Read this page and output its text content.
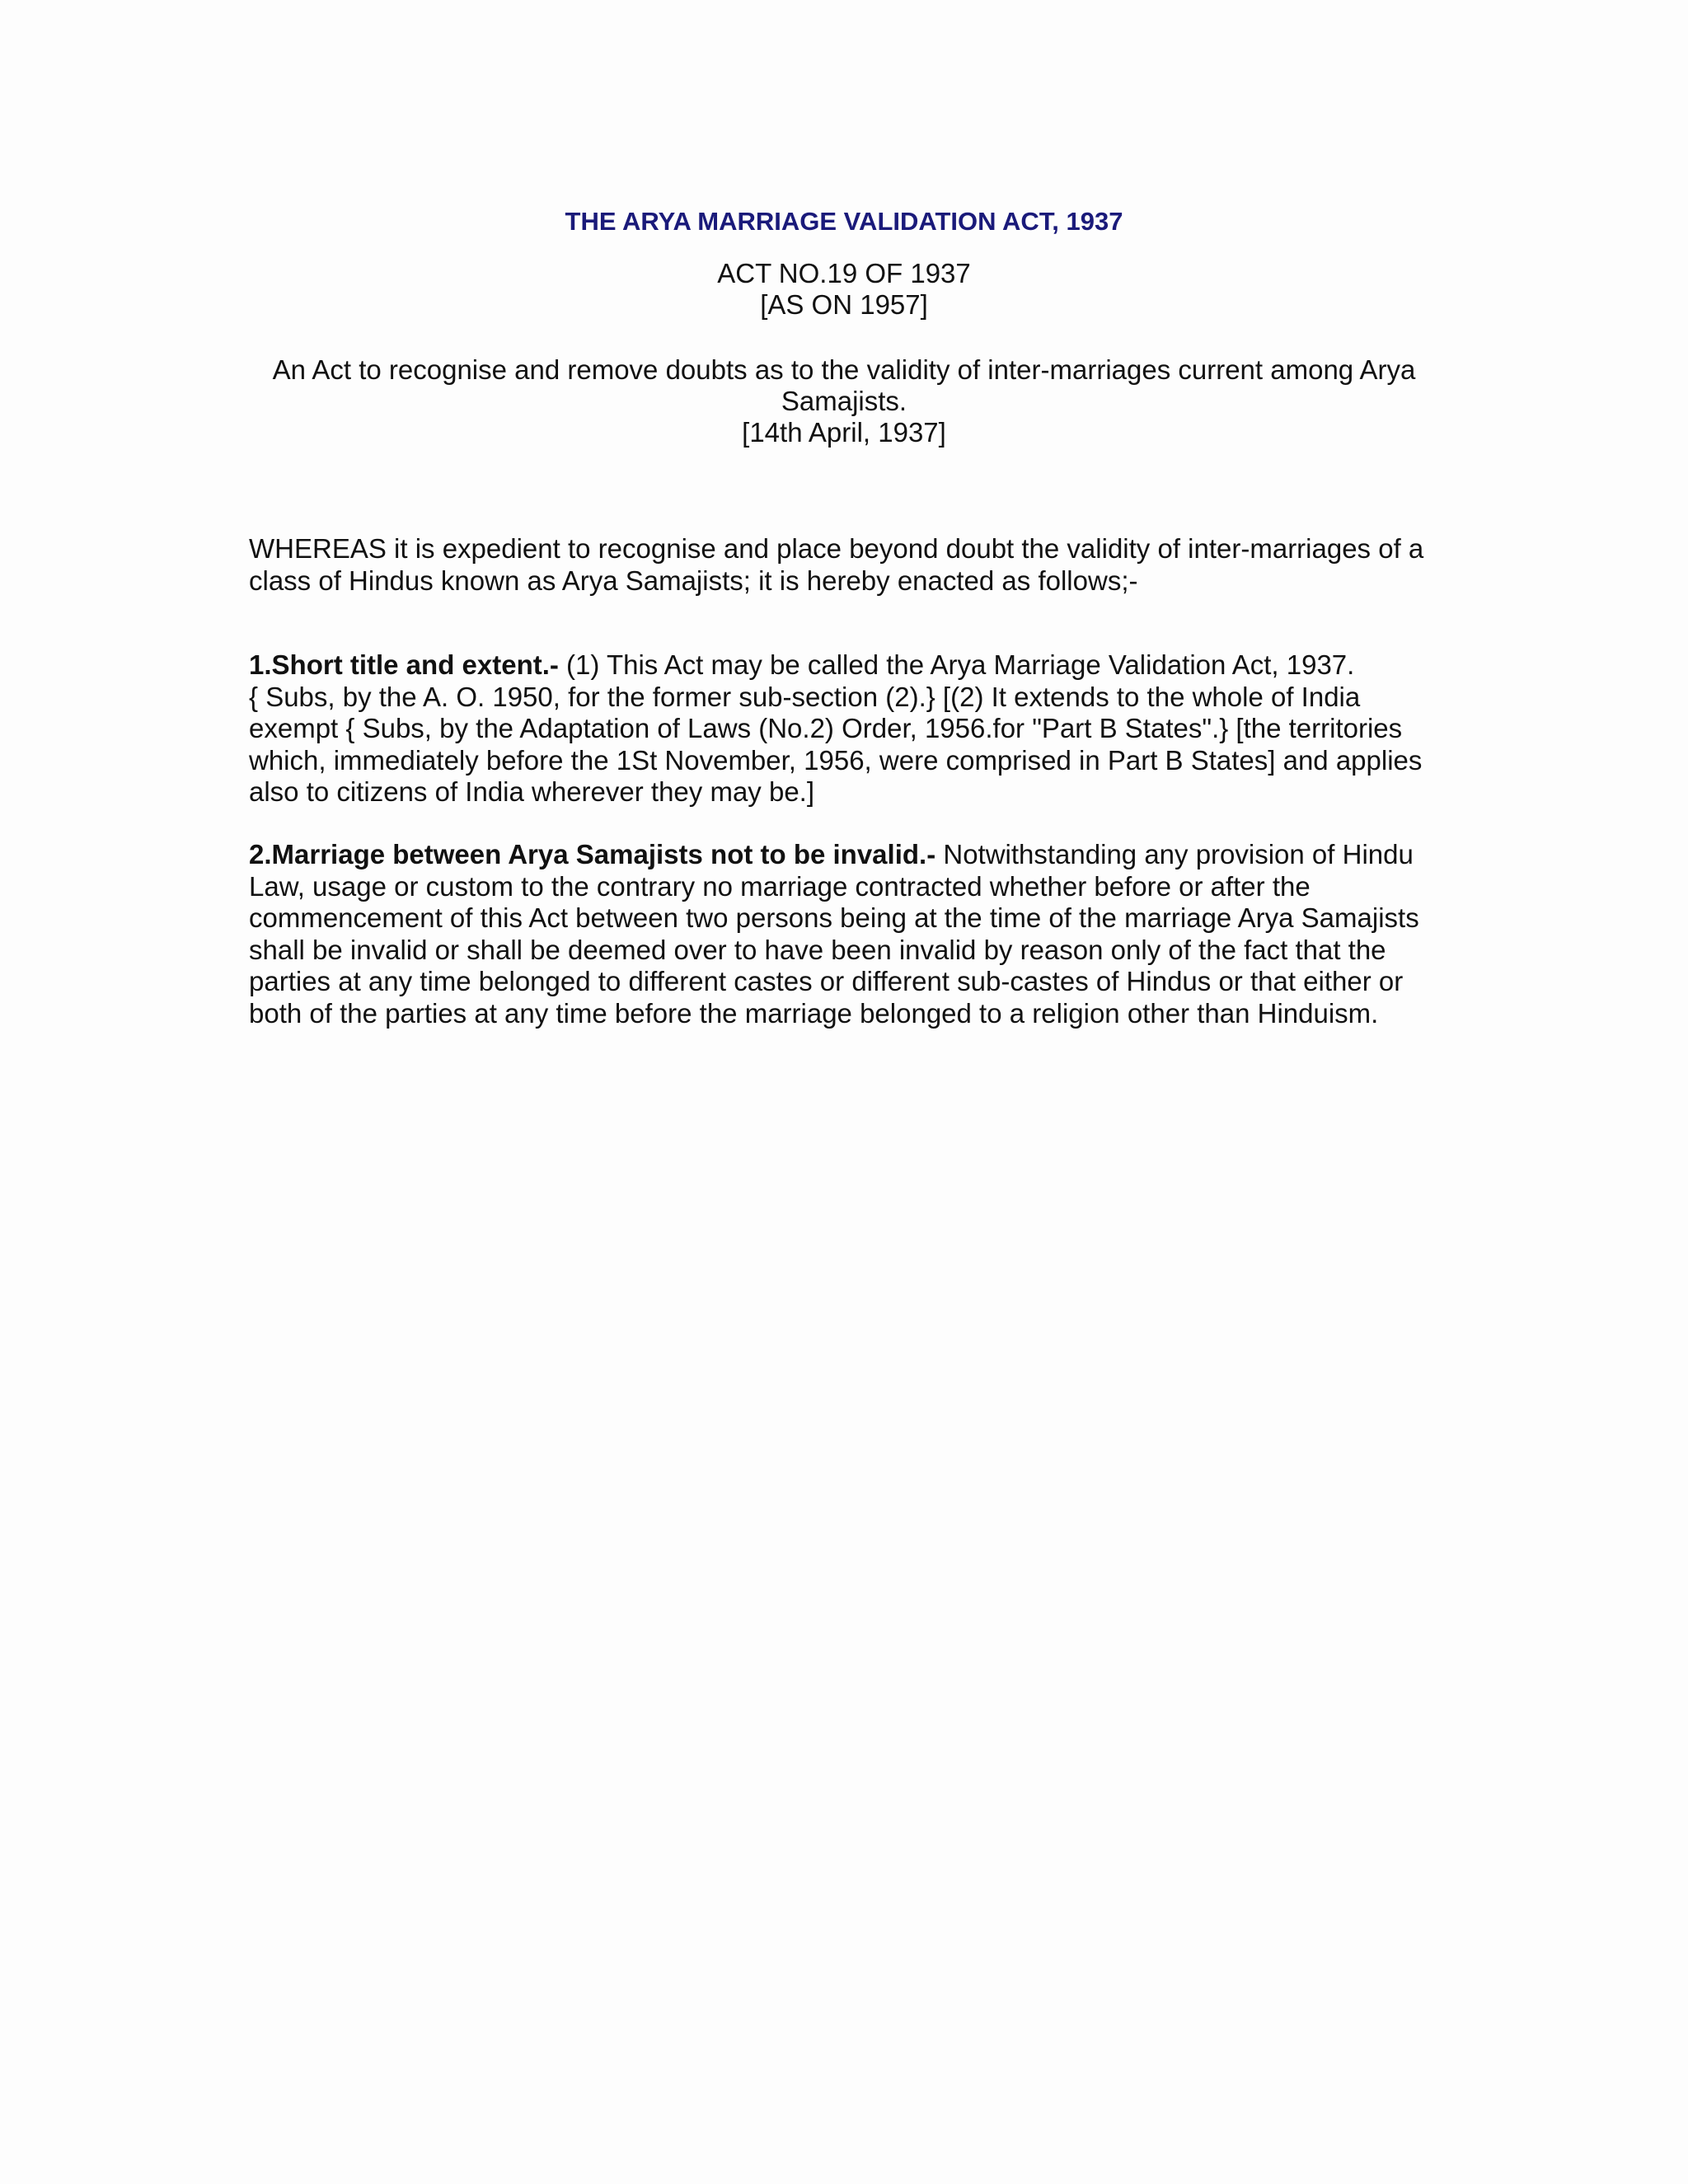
THE ARYA MARRIAGE VALIDATION ACT, 1937
ACT NO.19 OF 1937
[AS ON 1957]
An Act to recognise and remove doubts as to the validity of inter-marriages current among Arya
Samajists.
[14th April, 1937]
WHEREAS it is expedient to recognise and place beyond doubt the validity of inter-marriages of a
class of Hindus known as Arya Samajists; it is hereby enacted as follows;-
1.Short title and extent.- (1) This Act may be called the Arya Marriage Validation Act, 1937.
{ Subs, by the A. O. 1950, for the former sub-section (2).} [(2) It extends to the whole of India
exempt { Subs, by the Adaptation of Laws (No.2) Order, 1956.for "Part B States".} [the territories
which, immediately before the 1St November, 1956, were comprised in Part B States] and applies
also to citizens of India wherever they may be.]
2.Marriage between Arya Samajists not to be invalid.- Notwithstanding any provision of Hindu
Law, usage or custom to the contrary no marriage contracted whether before or after the
commencement of this Act between two persons being at the time of the marriage Arya Samajists
shall be invalid or shall be deemed over to have been invalid by reason only of the fact that the
parties at any time belonged to different castes or different sub-castes of Hindus or that either or
both of the parties at any time before the marriage belonged to a religion other than Hinduism.
